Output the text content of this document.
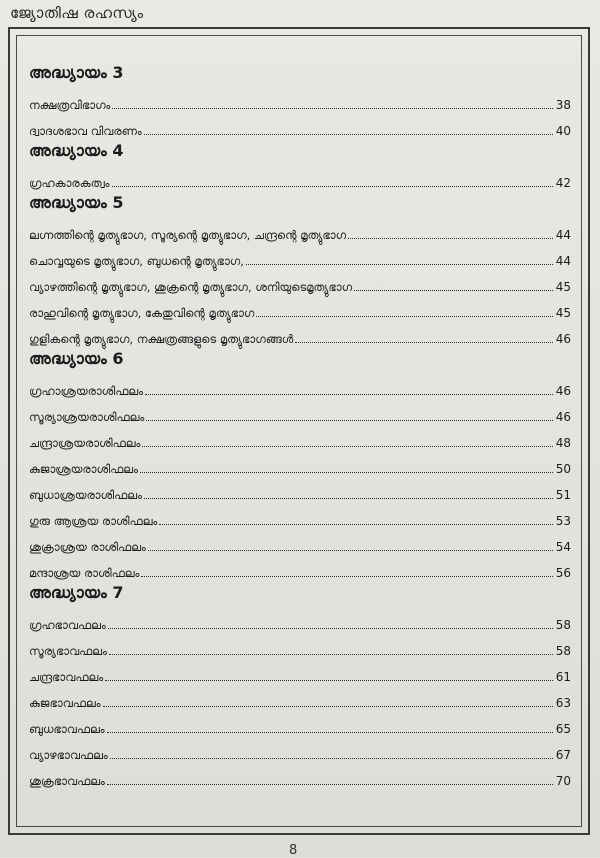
ജ്യോതിഷ രഹസ്യം
അദ്ധ്യായം 3
നക്ഷത്രവിഭാഗം	38
ദ്വാദശഭാവ വിവരണം	40
അദ്ധ്യായം 4
ഗ്രഹകാരകത്വം	42
അദ്ധ്യായം 5
ലഗ്നത്തിന്റെ മൃത്യുഭാഗ, സൂര്യന്റെ മൃത്യുഭാഗ, ചന്ദ്രന്റെ മൃത്യുഭാഗ	44
ചൊവ്വയുടെ മൃത്യുഭാഗ, ബുധന്റെ മൃത്യുഭാഗ,	44
വ്യാഴത്തിന്റെ മൃത്യുഭാഗ, ശുക്രന്റെ മൃത്യുഭാഗ, ശനിയുടെമൃത്യുഭാഗ	45
രാഹുവിന്റെ മൃത്യുഭാഗ, കേതുവിന്റെ മൃത്യുഭാഗ	45
ഗുളികന്റെ മൃത്യുഭാഗ, നക്ഷത്രങ്ങളുടെ മൃത്യുഭാഗങ്ങൾ	46
അദ്ധ്യായം 6
ഗ്രഹാശ്രയരാശിഫലം	46
സൂര്യാശ്രയരാശിഫലം	46
ചന്ദ്രാശ്രയരാശിഫലം	48
കുജാശ്രയരാശിഫലം	50
ബുധാശ്രയരാശിഫലം	51
ഗുരു ആശ്രയ രാശിഫലം	53
ശുക്രാശ്രയ രാശിഫലം	54
മന്ദാശ്രയ രാശിഫലം	56
അദ്ധ്യായം 7
ഗ്രഹഭാവഫലം	58
സൂര്യഭാവഫലം	58
ചന്ദ്രഭാവഫലം	61
കുജഭാവഫലം	63
ബുധഭാവഫലം	65
വ്യാഴഭാവഫലം	67
ശുക്രഭാവഫലം	70
8
